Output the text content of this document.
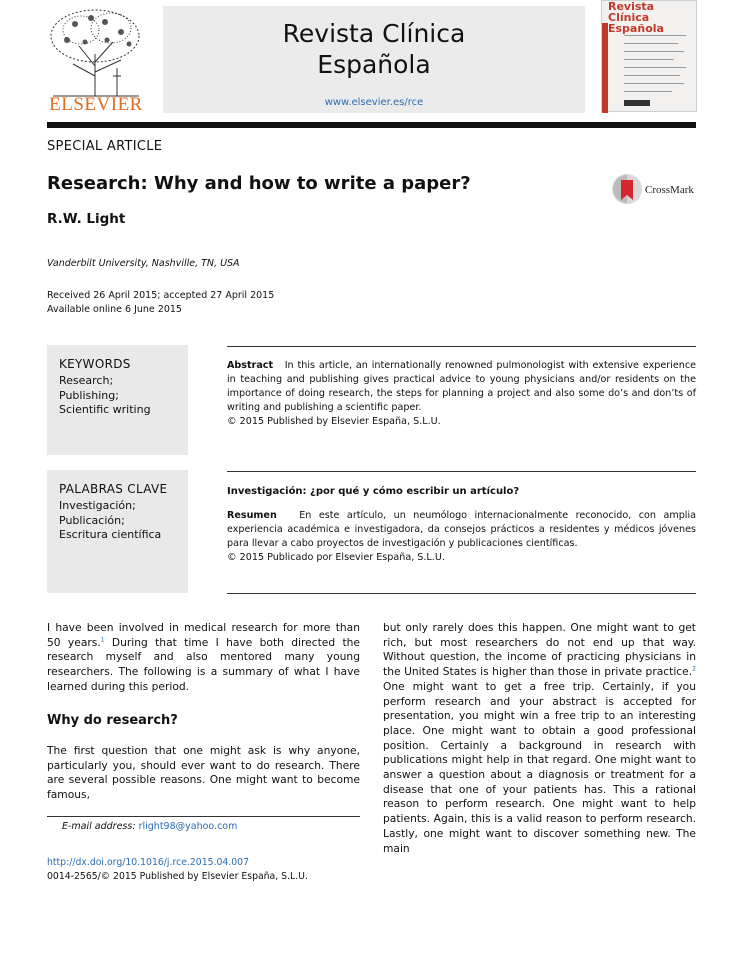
ELSEVIER
Revista Clínica
Española
www.elsevier.es/rce
Revista Clínica
Española
SPECIAL ARTICLE
Research: Why and how to write a paper?
R.W. Light
Vanderbilt University, Nashville, TN, USA
Received 26 April 2015; accepted 27 April 2015
Available online 6 June 2015
CrossMark
KEYWORDS
Research;
Publishing;
Scientific writing
Abstract In this article, an internationally renowned pulmonologist with extensive experience in teaching and publishing gives practical advice to young physicians and/or residents on the importance of doing research, the steps for planning a project and also some do’s and don’ts of writing and publishing a scientific paper.
© 2015 Published by Elsevier España, S.L.U.
PALABRAS CLAVE
Investigación;
Publicación;
Escritura científica
Investigación: ¿por qué y cómo escribir un artículo?
Resumen En este artículo, un neumólogo internacionalmente reconocido, con amplia experiencia académica e investigadora, da consejos prácticos a residentes y médicos jóvenes para llevar a cabo proyectos de investigación y publicaciones científicas.
© 2015 Publicado por Elsevier España, S.L.U.
I have been involved in medical research for more than 50 years.$^1$ During that time I have both directed the research myself and also mentored many young researchers. The following is a summary of what I have learned during this period.
Why do research?
The first question that one might ask is why anyone, particularly you, should ever want to do research. There are several possible reasons. One might want to become famous,
but only rarely does this happen. One might want to get rich, but most researchers do not end up that way. Without question, the income of practicing physicians in the United States is higher than those in private practice.$^2$ One might want to get a free trip. Certainly, if you perform research and your abstract is accepted for presentation, you might win a free trip to an interesting place. One might want to obtain a good professional position. Certainly a background in research with publications might help in that regard. One might want to answer a question about a diagnosis or treatment for a disease that one of your patients has. This a rational reason to perform research. One might want to help patients. Again, this is a valid reason to perform research. Lastly, one might want to discover something new. The main
E-mail address: rlight98@yahoo.com
http://dx.doi.org/10.1016/j.rce.2015.04.007
0014-2565/© 2015 Published by Elsevier España, S.L.U.
